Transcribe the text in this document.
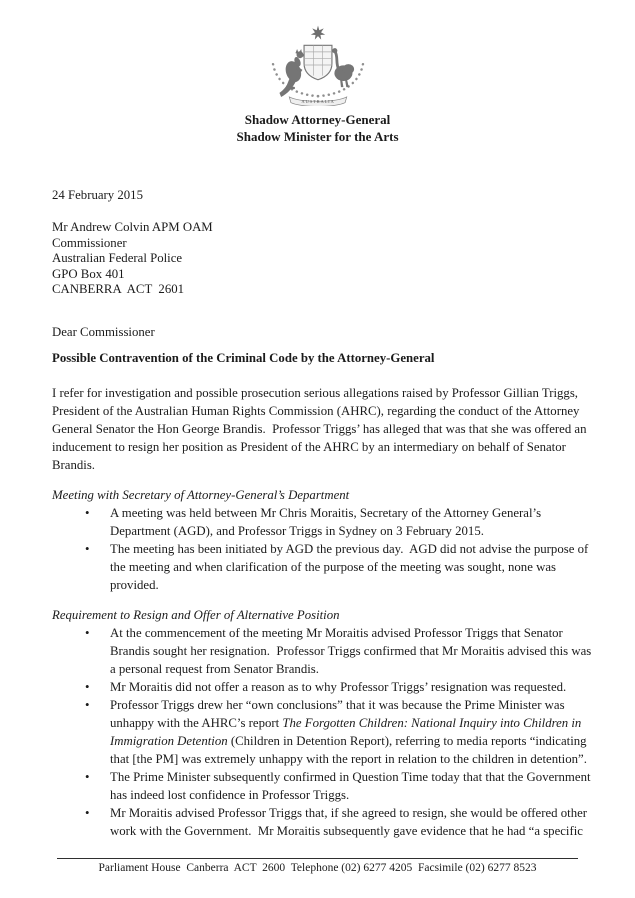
AUSTRALIA
Shadow Attorney-General
Shadow Minister for the Arts
24 February 2015
Mr Andrew Colvin APM OAM
Commissioner
Australian Federal Police
GPO Box 401
CANBERRA  ACT  2601
Dear Commissioner
Possible Contravention of the Criminal Code by the Attorney-General

I refer for investigation and possible prosecution serious allegations raised by Professor Gillian Triggs, President of the Australian Human Rights Commission (AHRC), regarding the conduct of the Attorney General Senator the Hon George Brandis.  Professor Triggs’ has alleged that was that she was offered an inducement to resign her position as President of the AHRC by an intermediary on behalf of Senator Brandis.

Meeting with Secretary of Attorney-General’s Department

• A meeting was held between Mr Chris Moraitis, Secretary of the Attorney General’s Department (AGD), and Professor Triggs in Sydney on 3 February 2015.
• The meeting has been initiated by AGD the previous day.  AGD did not advise the purpose of the meeting and when clarification of the purpose of the meeting was sought, none was provided.

Requirement to Resign and Offer of Alternative Position

• At the commencement of the meeting Mr Moraitis advised Professor Triggs that Senator Brandis sought her resignation.  Professor Triggs confirmed that Mr Moraitis advised this was a personal request from Senator Brandis.
• Mr Moraitis did not offer a reason as to why Professor Triggs’ resignation was requested.
• Professor Triggs drew her “own conclusions” that it was because the Prime Minister was unhappy with the AHRC’s report The Forgotten Children: National Inquiry into Children in Immigration Detention (Children in Detention Report), referring to media reports “indicating that [the PM] was extremely unhappy with the report in relation to the children in detention”.
• The Prime Minister subsequently confirmed in Question Time today that that the Government has indeed lost confidence in Professor Triggs.
• Mr Moraitis advised Professor Triggs that, if she agreed to resign, she would be offered other work with the Government.  Mr Moraitis subsequently gave evidence that he had “a specific
Parliament House  Canberra  ACT  2600  Telephone (02) 6277 4205  Facsimile (02) 6277 8523
